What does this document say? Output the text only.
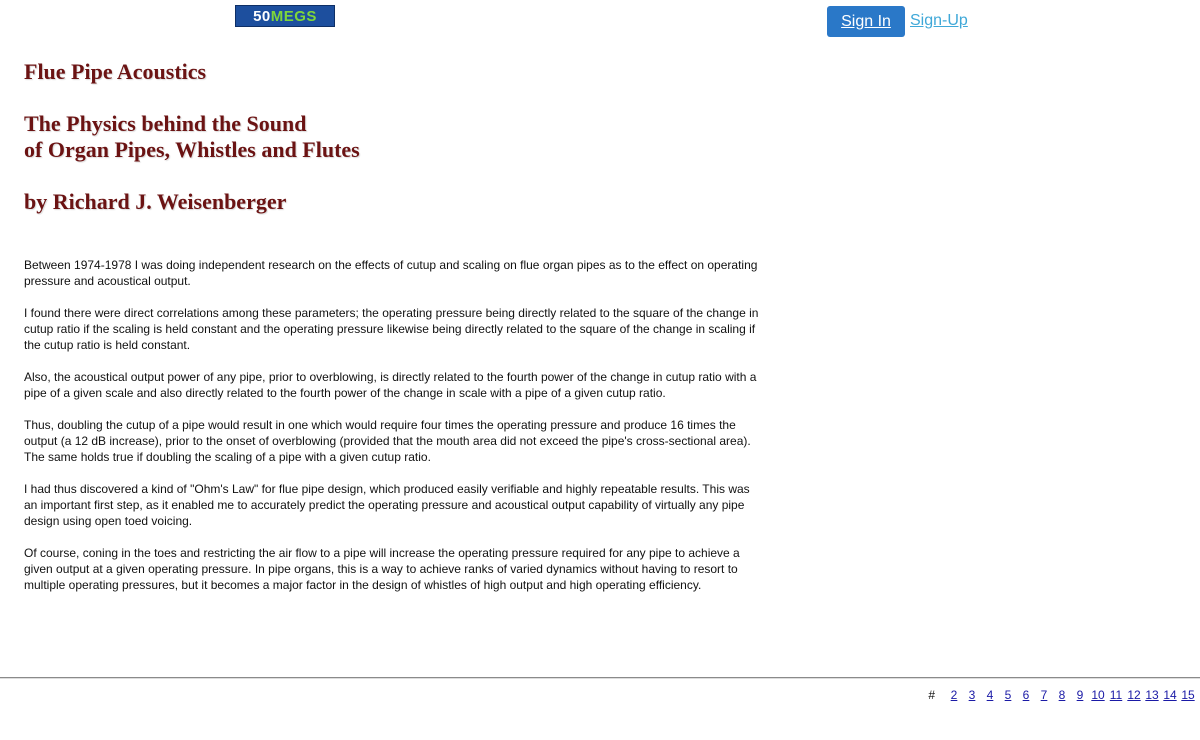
50MEGS	Sign In	Sign-Up
Flue Pipe Acoustics
The Physics behind the Sound
of Organ Pipes, Whistles and Flutes
by Richard J. Weisenberger

Between 1974-1978 I was doing independent research on the effects of cutup and scaling on flue organ pipes as to the effect on operating pressure and acoustical output.

I found there were direct correlations among these parameters; the operating pressure being directly related to the square of the change in cutup ratio if the scaling is held constant and the operating pressure likewise being directly related to the square of the change in scaling if the cutup ratio is held constant.

Also, the acoustical output power of any pipe, prior to overblowing, is directly related to the fourth power of the change in cutup ratio with a pipe of a given scale and also directly related to the fourth power of the change in scale with a pipe of a given cutup ratio.

Thus, doubling the cutup of a pipe would result in one which would require four times the operating pressure and produce 16 times the output (a 12 dB increase), prior to the onset of overblowing (provided that the mouth area did not exceed the pipe's cross-sectional area). The same holds true if doubling the scaling of a pipe with a given cutup ratio.

I had thus discovered a kind of "Ohm's Law" for flue pipe design, which produced easily verifiable and highly repeatable results. This was an important first step, as it enabled me to accurately predict the operating pressure and acoustical output capability of virtually any pipe design using open toed voicing.

Of course, coning in the toes and restricting the air flow to a pipe will increase the operating pressure required for any pipe to achieve a given output at a given operating pressure. In pipe organs, this is a way to achieve ranks of varied dynamics without having to resort to multiple operating pressures, but it becomes a major factor in the design of whistles of high output and high operating efficiency.

#	2 3 4 5 6 7 8 9 10 11 12 13 14 15
